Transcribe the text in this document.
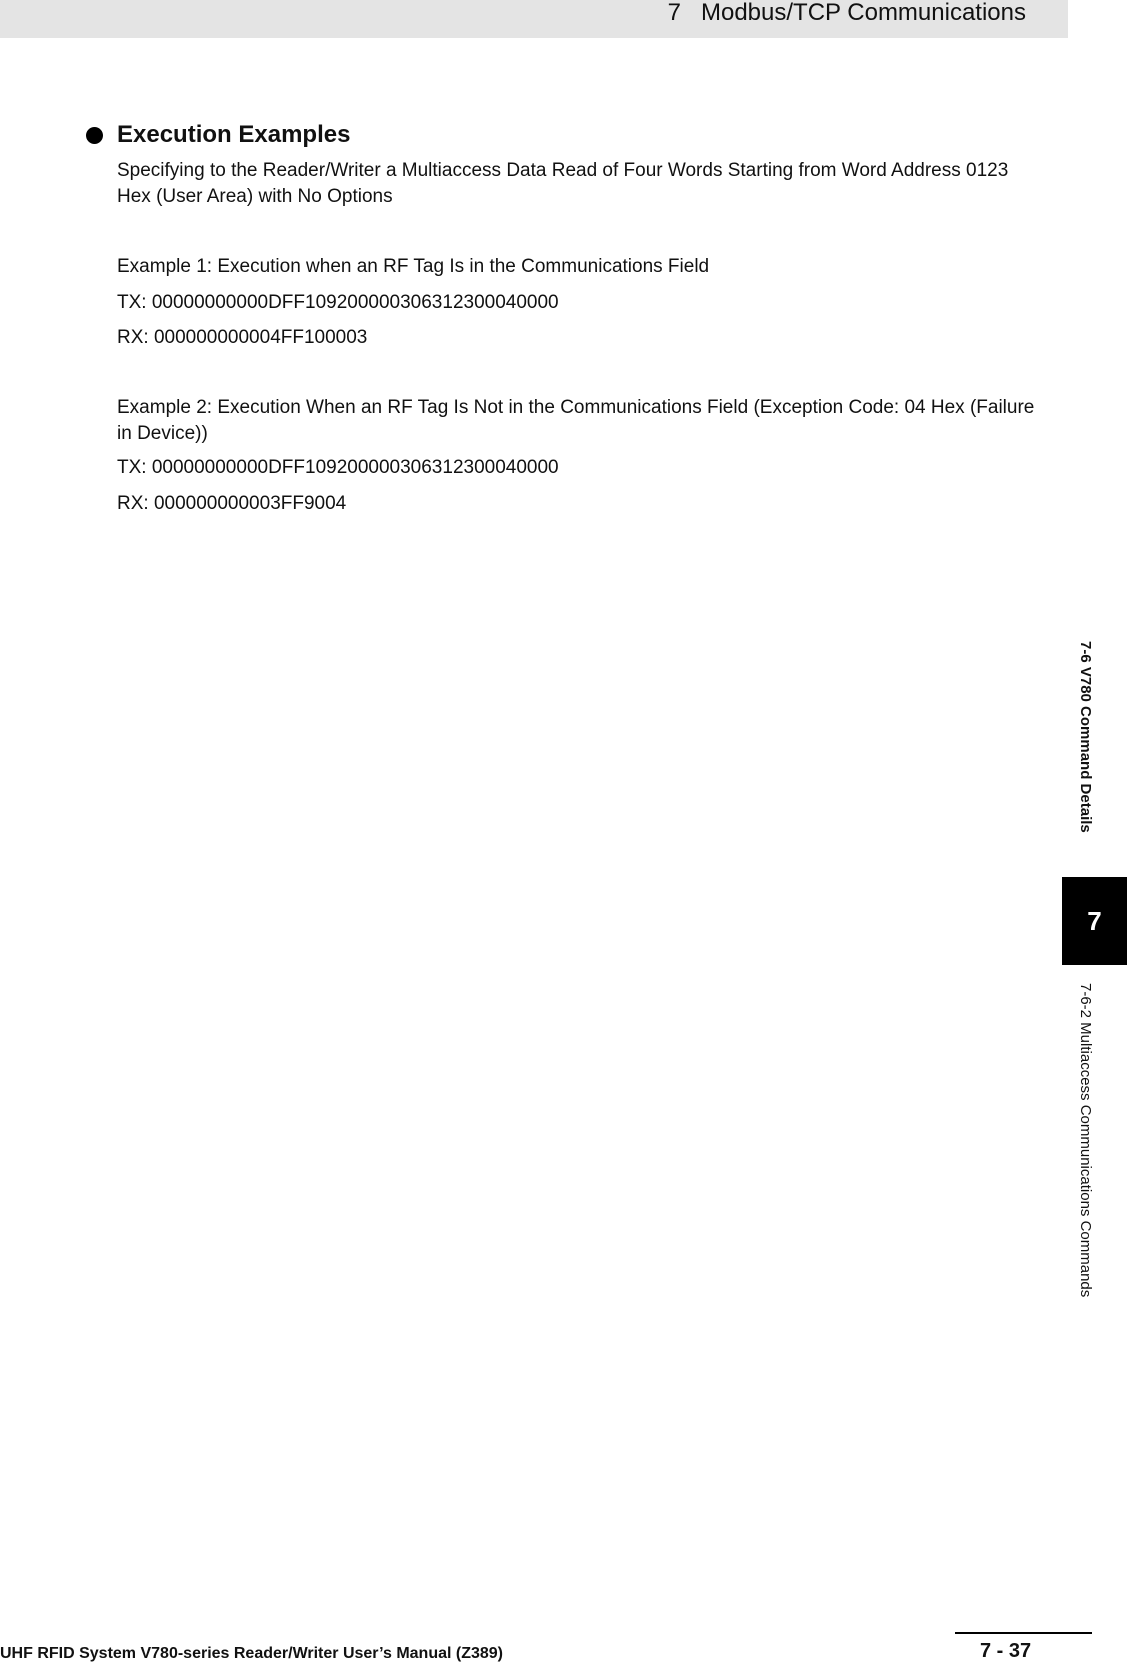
7   Modbus/TCP Communications
Execution Examples

Specifying to the Reader/Writer a Multiaccess Data Read of Four Words Starting from Word Address 0123 Hex (User Area) with No Options

Example 1: Execution when an RF Tag Is in the Communications Field

TX: 00000000000DFF10920000030631230004000​0

RX: 000000000004FF100003

Example 2: Execution When an RF Tag Is Not in the Communications Field (Exception Code: 04 Hex (Failure in Device))

TX: 00000000000DFF109200000306312300040000

RX: 000000000003FF9004

7-6 V780 Command Details
7
7-6-2 Multiaccess Communications Commands
UHF RFID System V780-series Reader/Writer User’s Manual (Z389)	7 - 37
